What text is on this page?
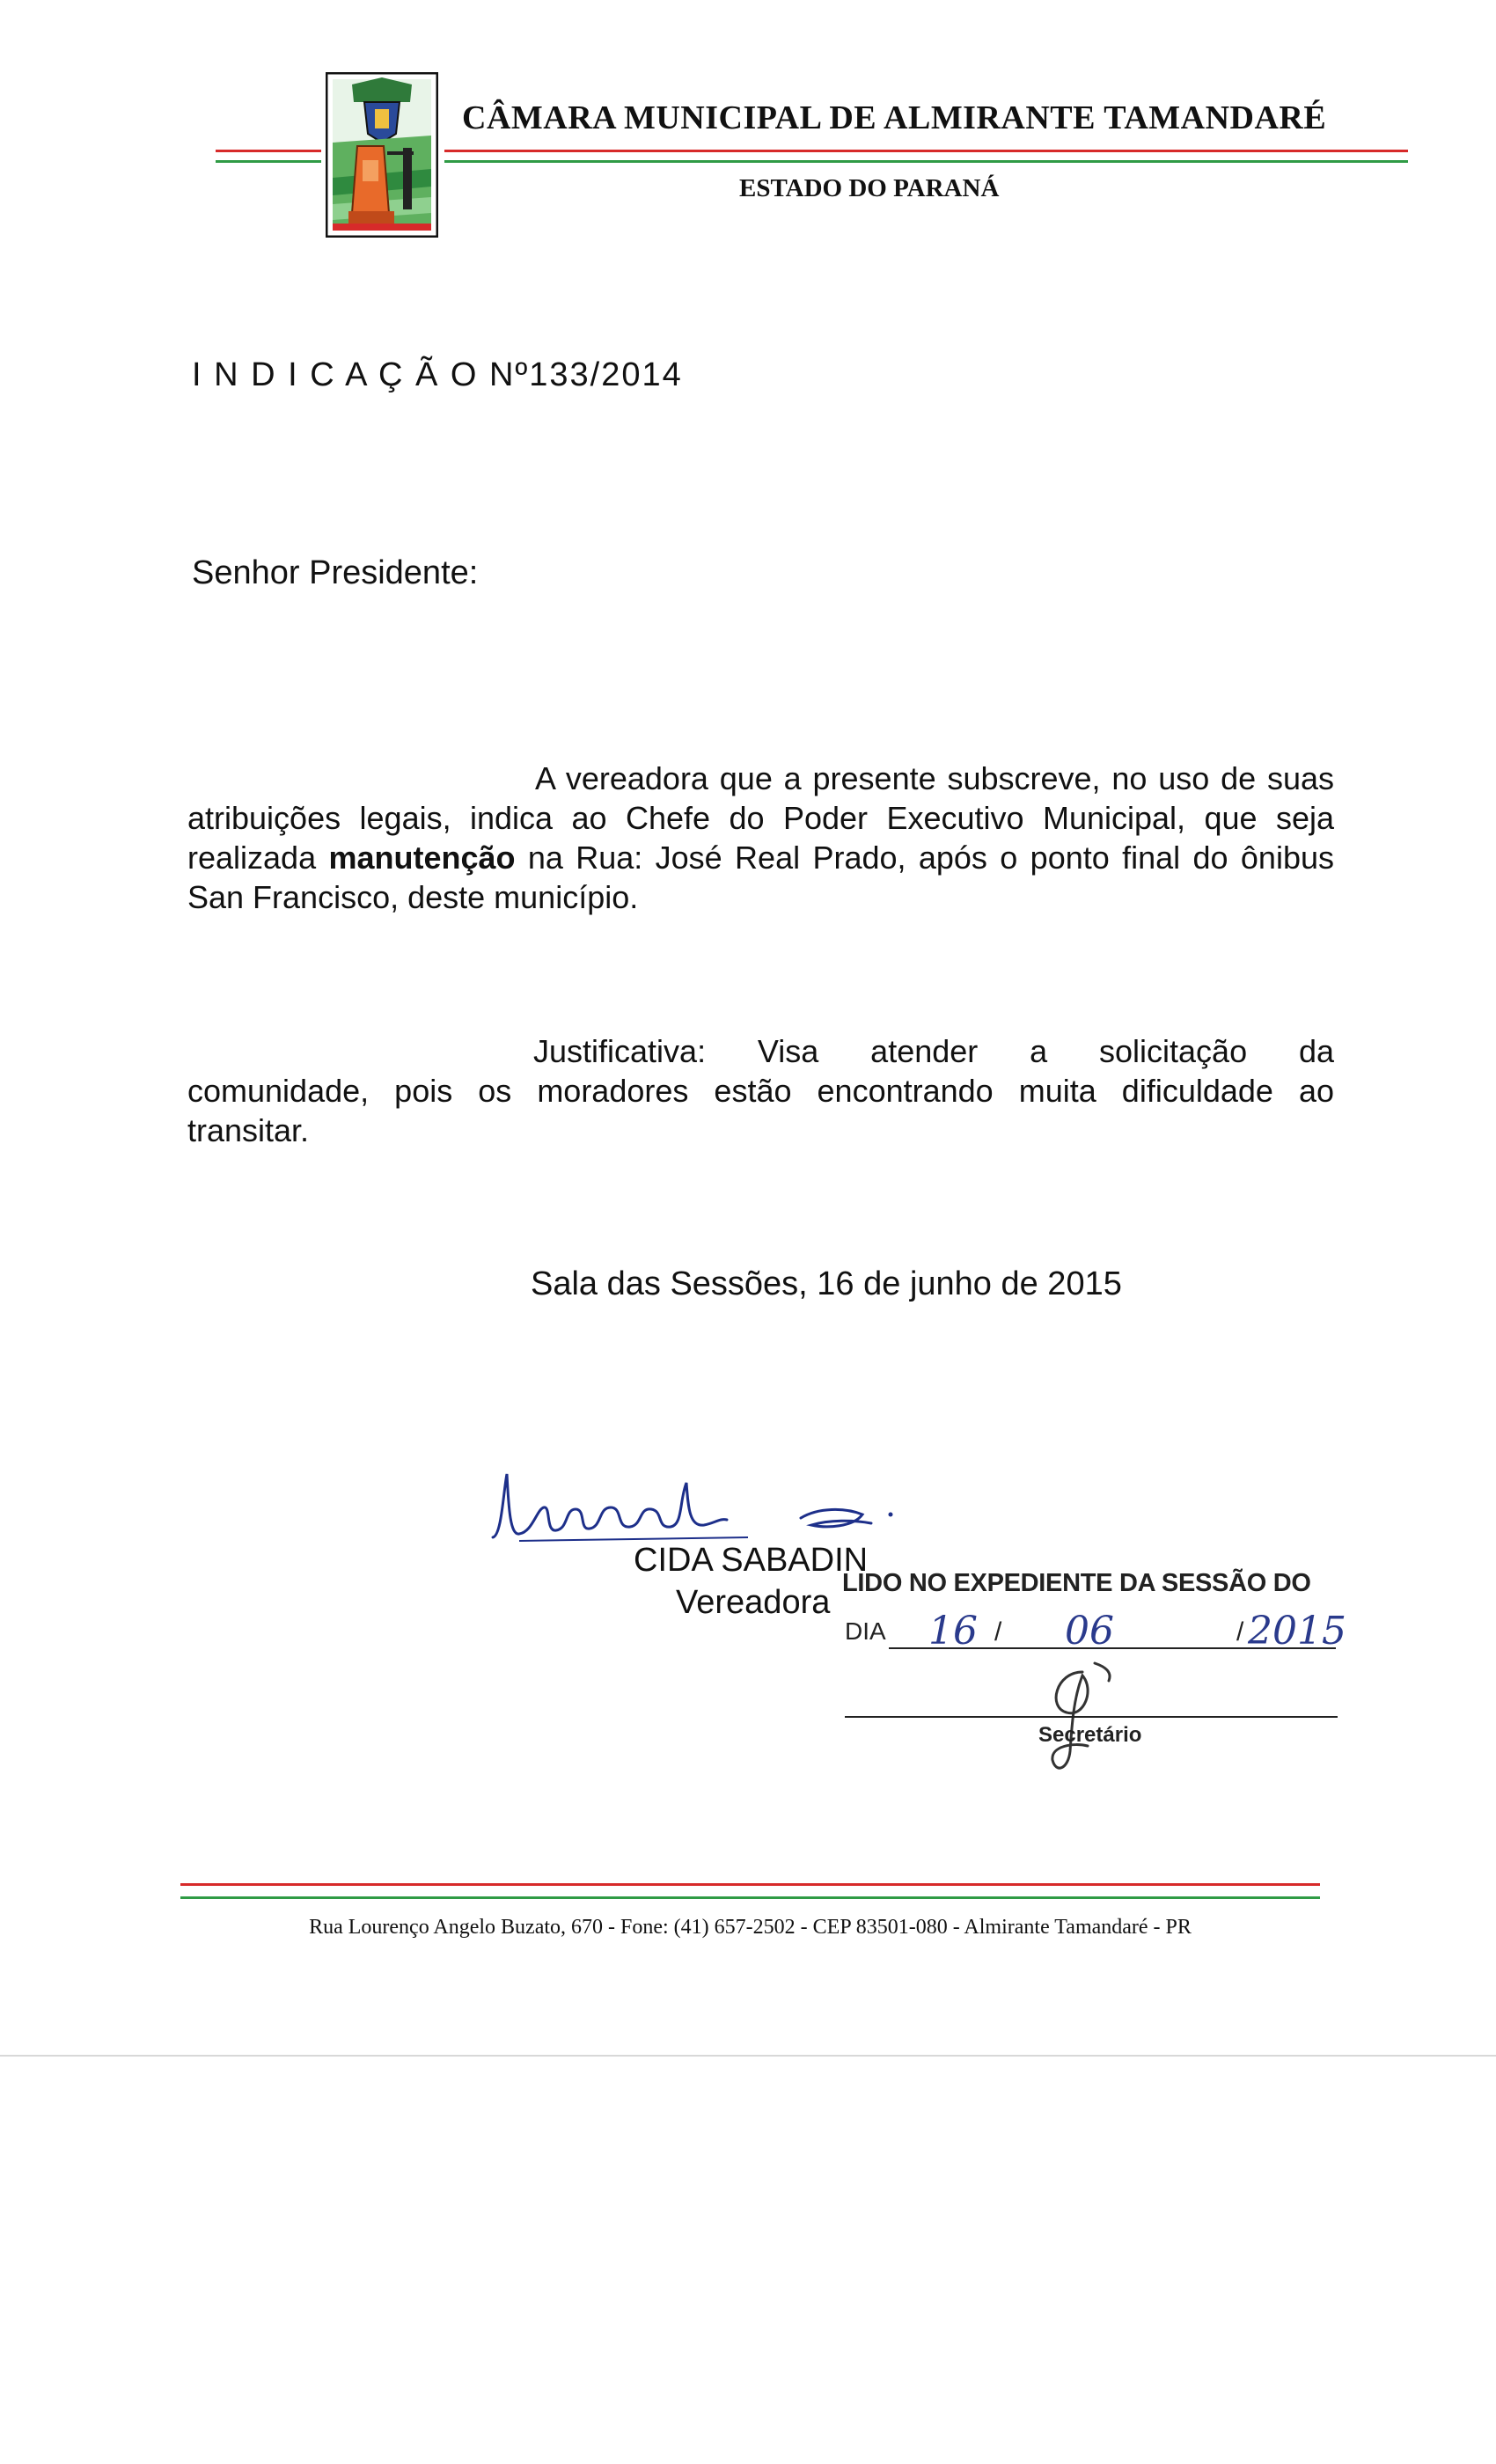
CÂMARA MUNICIPAL DE ALMIRANTE TAMANDARÉ
ESTADO DO PARANÁ
I N D I C A Ç Ã O Nº133/2014
Senhor Presidente:
A vereadora que a presente subscreve, no uso de suas atribuições legais, indica ao Chefe do Poder Executivo Municipal, que seja realizada manutenção na Rua: José Real Prado, após o ponto final do ônibus San Francisco, deste município.
Justificativa: Visa atender a solicitação da comunidade, pois os moradores estão encontrando muita dificuldade ao transitar.
Sala das Sessões, 16 de junho de 2015
CIDA SABADIN
Vereadora
LIDO NO EXPEDIENTE DA SESSÃO DO
DIA 16 / 06	/ 2015
Secretário
Rua Lourenço Angelo Buzato, 670 - Fone: (41) 657-2502 - CEP 83501-080 - Almirante Tamandaré - PR
